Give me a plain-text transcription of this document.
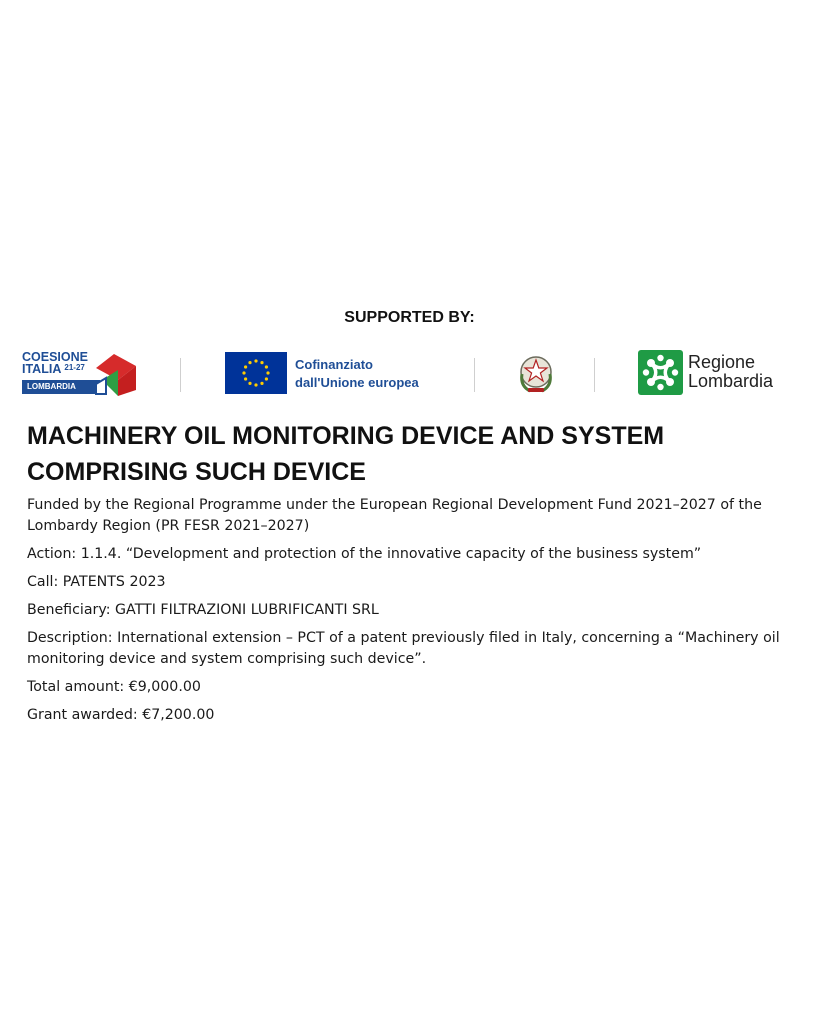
SUPPORTED BY:
COESIONE
ITALIA $^{21-27}$
LOMBARDIA
Cofinanziato
dall'Unione europea
Regione
Lombardia
MACHINERY OIL MONITORING DEVICE AND SYSTEM COMPRISING SUCH DEVICE

Funded by the Regional Programme under the European Regional Development Fund 2021–2027 of the Lombardy Region (PR FESR 2021–2027)

Action: 1.1.4. “Development and protection of the innovative capacity of the business system”

Call: PATENTS 2023

Beneficiary: GATTI FILTRAZIONI LUBRIFICANTI SRL

Description: International extension – PCT of a patent previously filed in Italy, concerning a “Machinery oil monitoring device and system comprising such device”.

Total amount: €9,000.00

Grant awarded: €7,200.00
